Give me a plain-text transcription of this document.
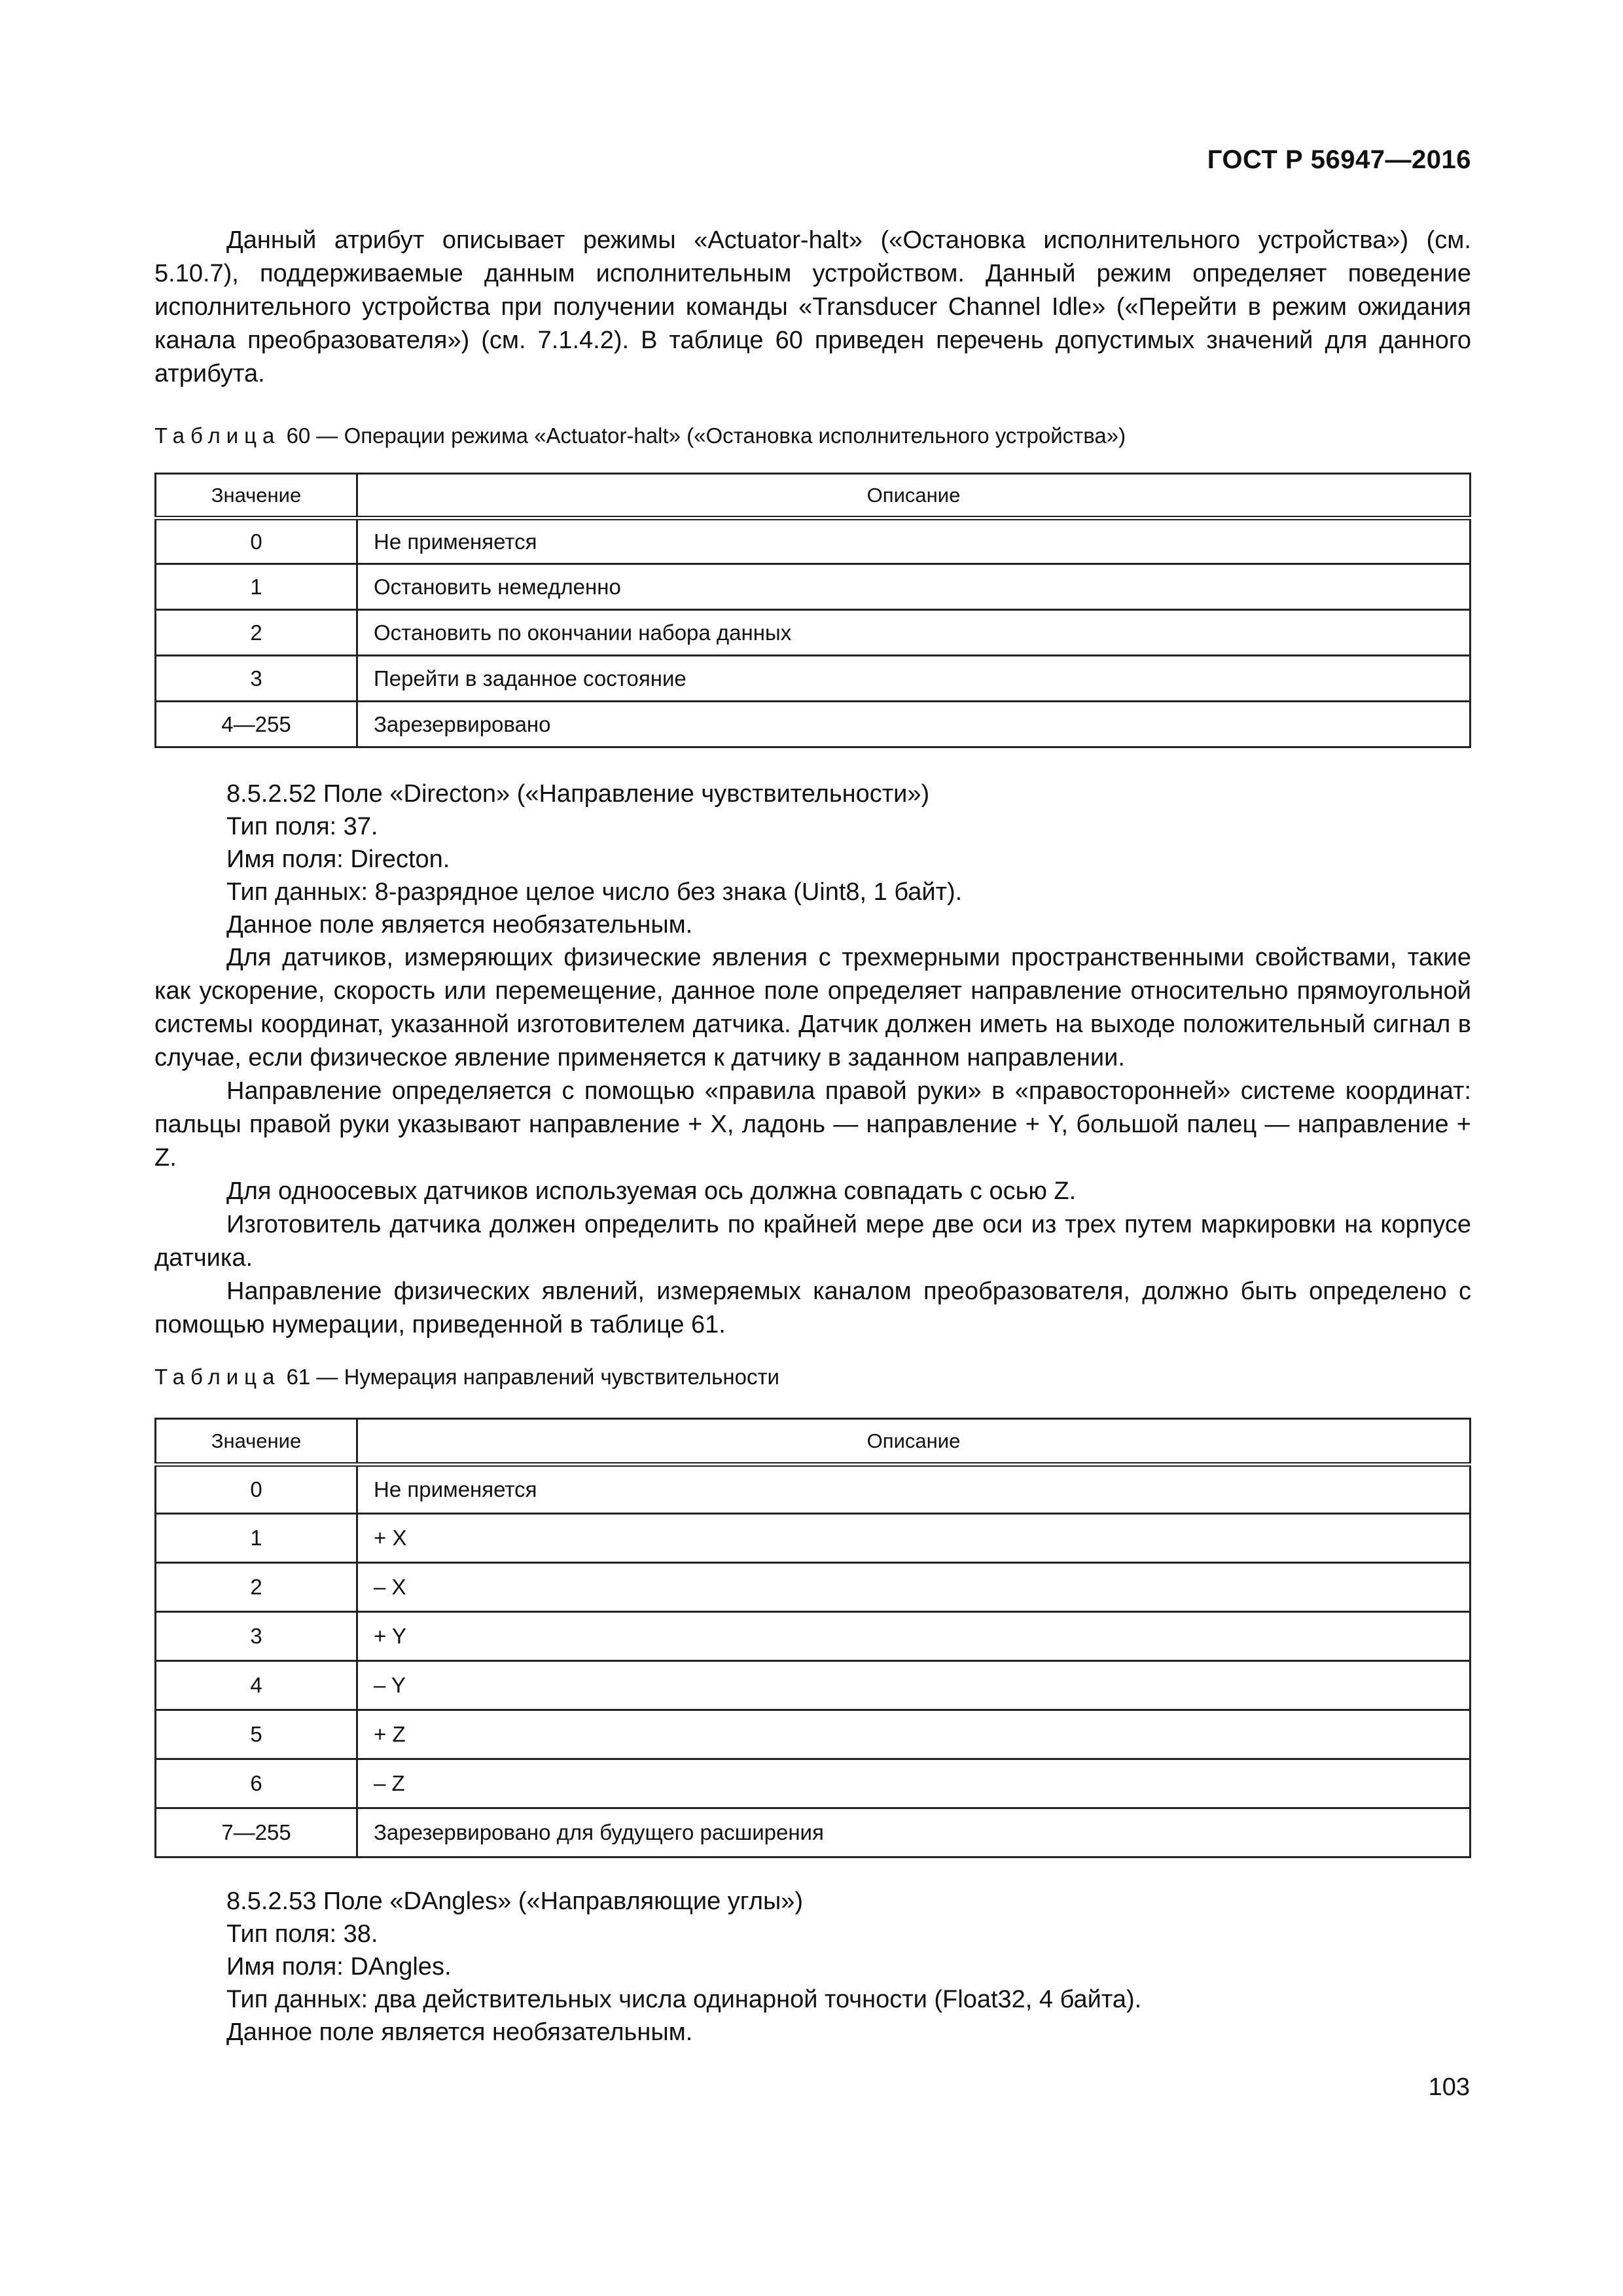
ГОСТ Р 56947—2016

Данный атрибут описывает режимы «Actuator-halt» («Остановка исполнительного устройства») (см. 5.10.7), поддерживаемые данным исполнительным устройством. Данный режим определяет поведение исполнительного устройства при получении команды «Transducer Channel Idle» («Перейти в режим ожидания канала преобразователя») (см. 7.1.4.2). В таблице 60 приведен перечень допустимых значений для данного атрибута.

Таблица 60 — Операции режима «Actuator-halt» («Остановка исполнительного устройства»)

Значение	Описание
0	Не применяется
1	Остановить немедленно
2	Остановить по окончании набора данных
3	Перейти в заданное состояние
4—255	Зарезервировано

8.5.2.52 Поле «Directon» («Направление чувствительности»)

Тип поля: 37.

Имя поля: Directon.

Тип данных: 8-разрядное целое число без знака (Uint8, 1 байт).

Данное поле является необязательным.

Для датчиков, измеряющих физические явления с трехмерными пространственными свойствами, такие как ускорение, скорость или перемещение, данное поле определяет направление относительно прямоугольной системы координат, указанной изготовителем датчика. Датчик должен иметь на выходе положительный сигнал в случае, если физическое явление применяется к датчику в заданном направлении.

Направление определяется с помощью «правила правой руки» в «правосторонней» системе координат: пальцы правой руки указывают направление + X, ладонь — направление + Y, большой палец — направление + Z.

Для одноосевых датчиков используемая ось должна совпадать с осью Z.

Изготовитель датчика должен определить по крайней мере две оси из трех путем маркировки на корпусе датчика.

Направление физических явлений, измеряемых каналом преобразователя, должно быть определено с помощью нумерации, приведенной в таблице 61.

Таблица 61 — Нумерация направлений чувствительности

Значение	Описание
0	Не применяется
1	+ X
2	– X
3	+ Y
4	– Y
5	+ Z
6	– Z
7—255	Зарезервировано для будущего расширения

8.5.2.53 Поле «DAngles» («Направляющие углы»)

Тип поля: 38.

Имя поля: DAngles.

Тип данных: два действительных числа одинарной точности (Float32, 4 байта).

Данное поле является необязательным.

103
